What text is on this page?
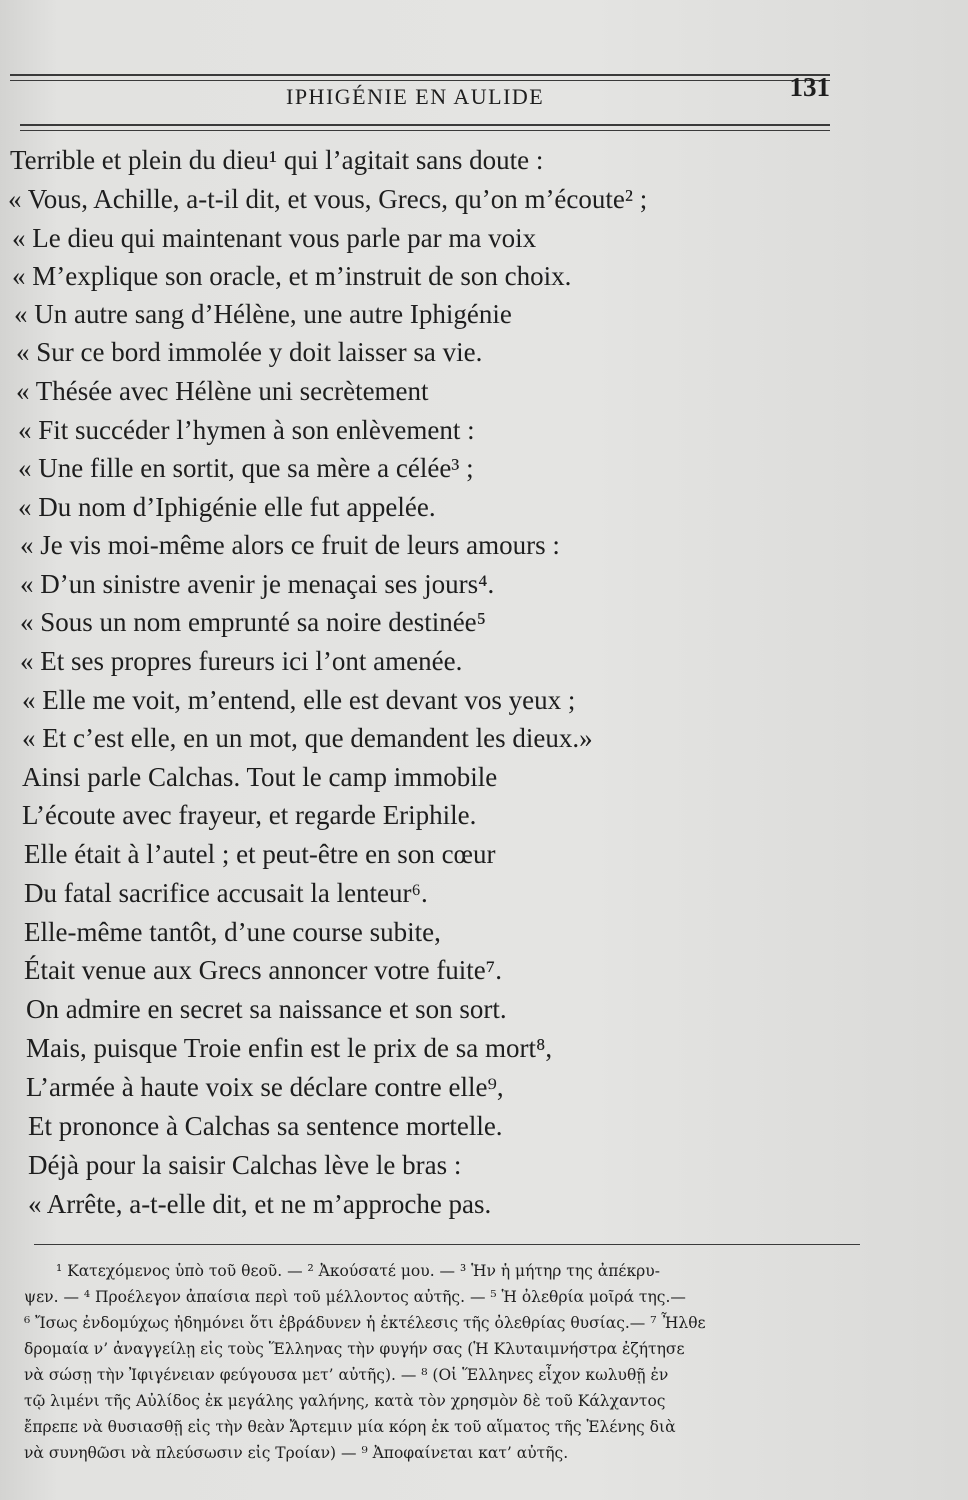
IPHIGÉNIE EN AULIDE	131
Terrible et plein du dieu¹ qui l’agitait sans doute :
« Vous, Achille, a-t-il dit, et vous, Grecs, qu’on m’écoute² ;
« Le dieu qui maintenant vous parle par ma voix
« M’explique son oracle, et m’instruit de son choix.
« Un autre sang d’Hélène, une autre Iphigénie
« Sur ce bord immolée y doit laisser sa vie.
« Thésée avec Hélène uni secrètement
« Fit succéder l’hymen à son enlèvement :
« Une fille en sortit, que sa mère a célée³ ;
« Du nom d’Iphigénie elle fut appelée.
« Je vis moi-même alors ce fruit de leurs amours :
« D’un sinistre avenir je menaçai ses jours⁴.
« Sous un nom emprunté sa noire destinée⁵
« Et ses propres fureurs ici l’ont amenée.
« Elle me voit, m’entend, elle est devant vos yeux ;
« Et c’est elle, en un mot, que demandent les dieux.»
Ainsi parle Calchas. Tout le camp immobile
L’écoute avec frayeur, et regarde Eriphile.
Elle était à l’autel ; et peut-être en son cœur
Du fatal sacrifice accusait la lenteur⁶.
Elle-même tantôt, d’une course subite,
Était venue aux Grecs annoncer votre fuite⁷.
On admire en secret sa naissance et son sort.
Mais, puisque Troie enfin est le prix de sa mort⁸,
L’armée à haute voix se déclare contre elle⁹,
Et prononce à Calchas sa sentence mortelle.
Déjà pour la saisir Calchas lève le bras :
« Arrête, a-t-elle dit, et ne m’approche pas.
¹ Κατεχόμενος ὑπὸ τοῦ θεοῦ. — ² Ἀκούσατέ μου. — ³ Ἡν ἡ μήτηρ της ἀπέκρυ-
ψεν. — ⁴ Προέλεγον ἀπαίσια περὶ τοῦ μέλλοντος αὐτῆς. — ⁵ Ἡ ὀλεθρία μοῖρά της.—
⁶ Ἴσως ἐνδομύχως ἠδημόνει ὅτι ἐβράδυνεν ἡ ἐκτέλεσις τῆς ὀλεθρίας θυσίας.— ⁷ Ἦλθε
δρομαία ν’ ἀναγγείλῃ εἰς τοὺς Ἕλληνας τὴν φυγήν σας (Ἡ Κλυταιμνήστρα ἐζήτησε
νὰ σώσῃ τὴν Ἰφιγένειαν φεύγουσα μετ’ αὐτῆς). — ⁸ (Οἱ Ἕλληνες εἶχον κωλυθῇ ἐν
τῷ λιμένι τῆς Αὐλίδος ἐκ μεγάλης γαλήνης, κατὰ τὸν χρησμὸν δὲ τοῦ Κάλχαντος
ἔπρεπε νὰ θυσιασθῇ εἰς τὴν θεὰν Ἄρτεμιν μία κόρη ἐκ τοῦ αἵματος τῆς Ἑλένης διὰ
νὰ συνηθῶσι νὰ πλεύσωσιν εἰς Τροίαν) — ⁹ Ἀποφαίνεται κατ’ αὐτῆς.
